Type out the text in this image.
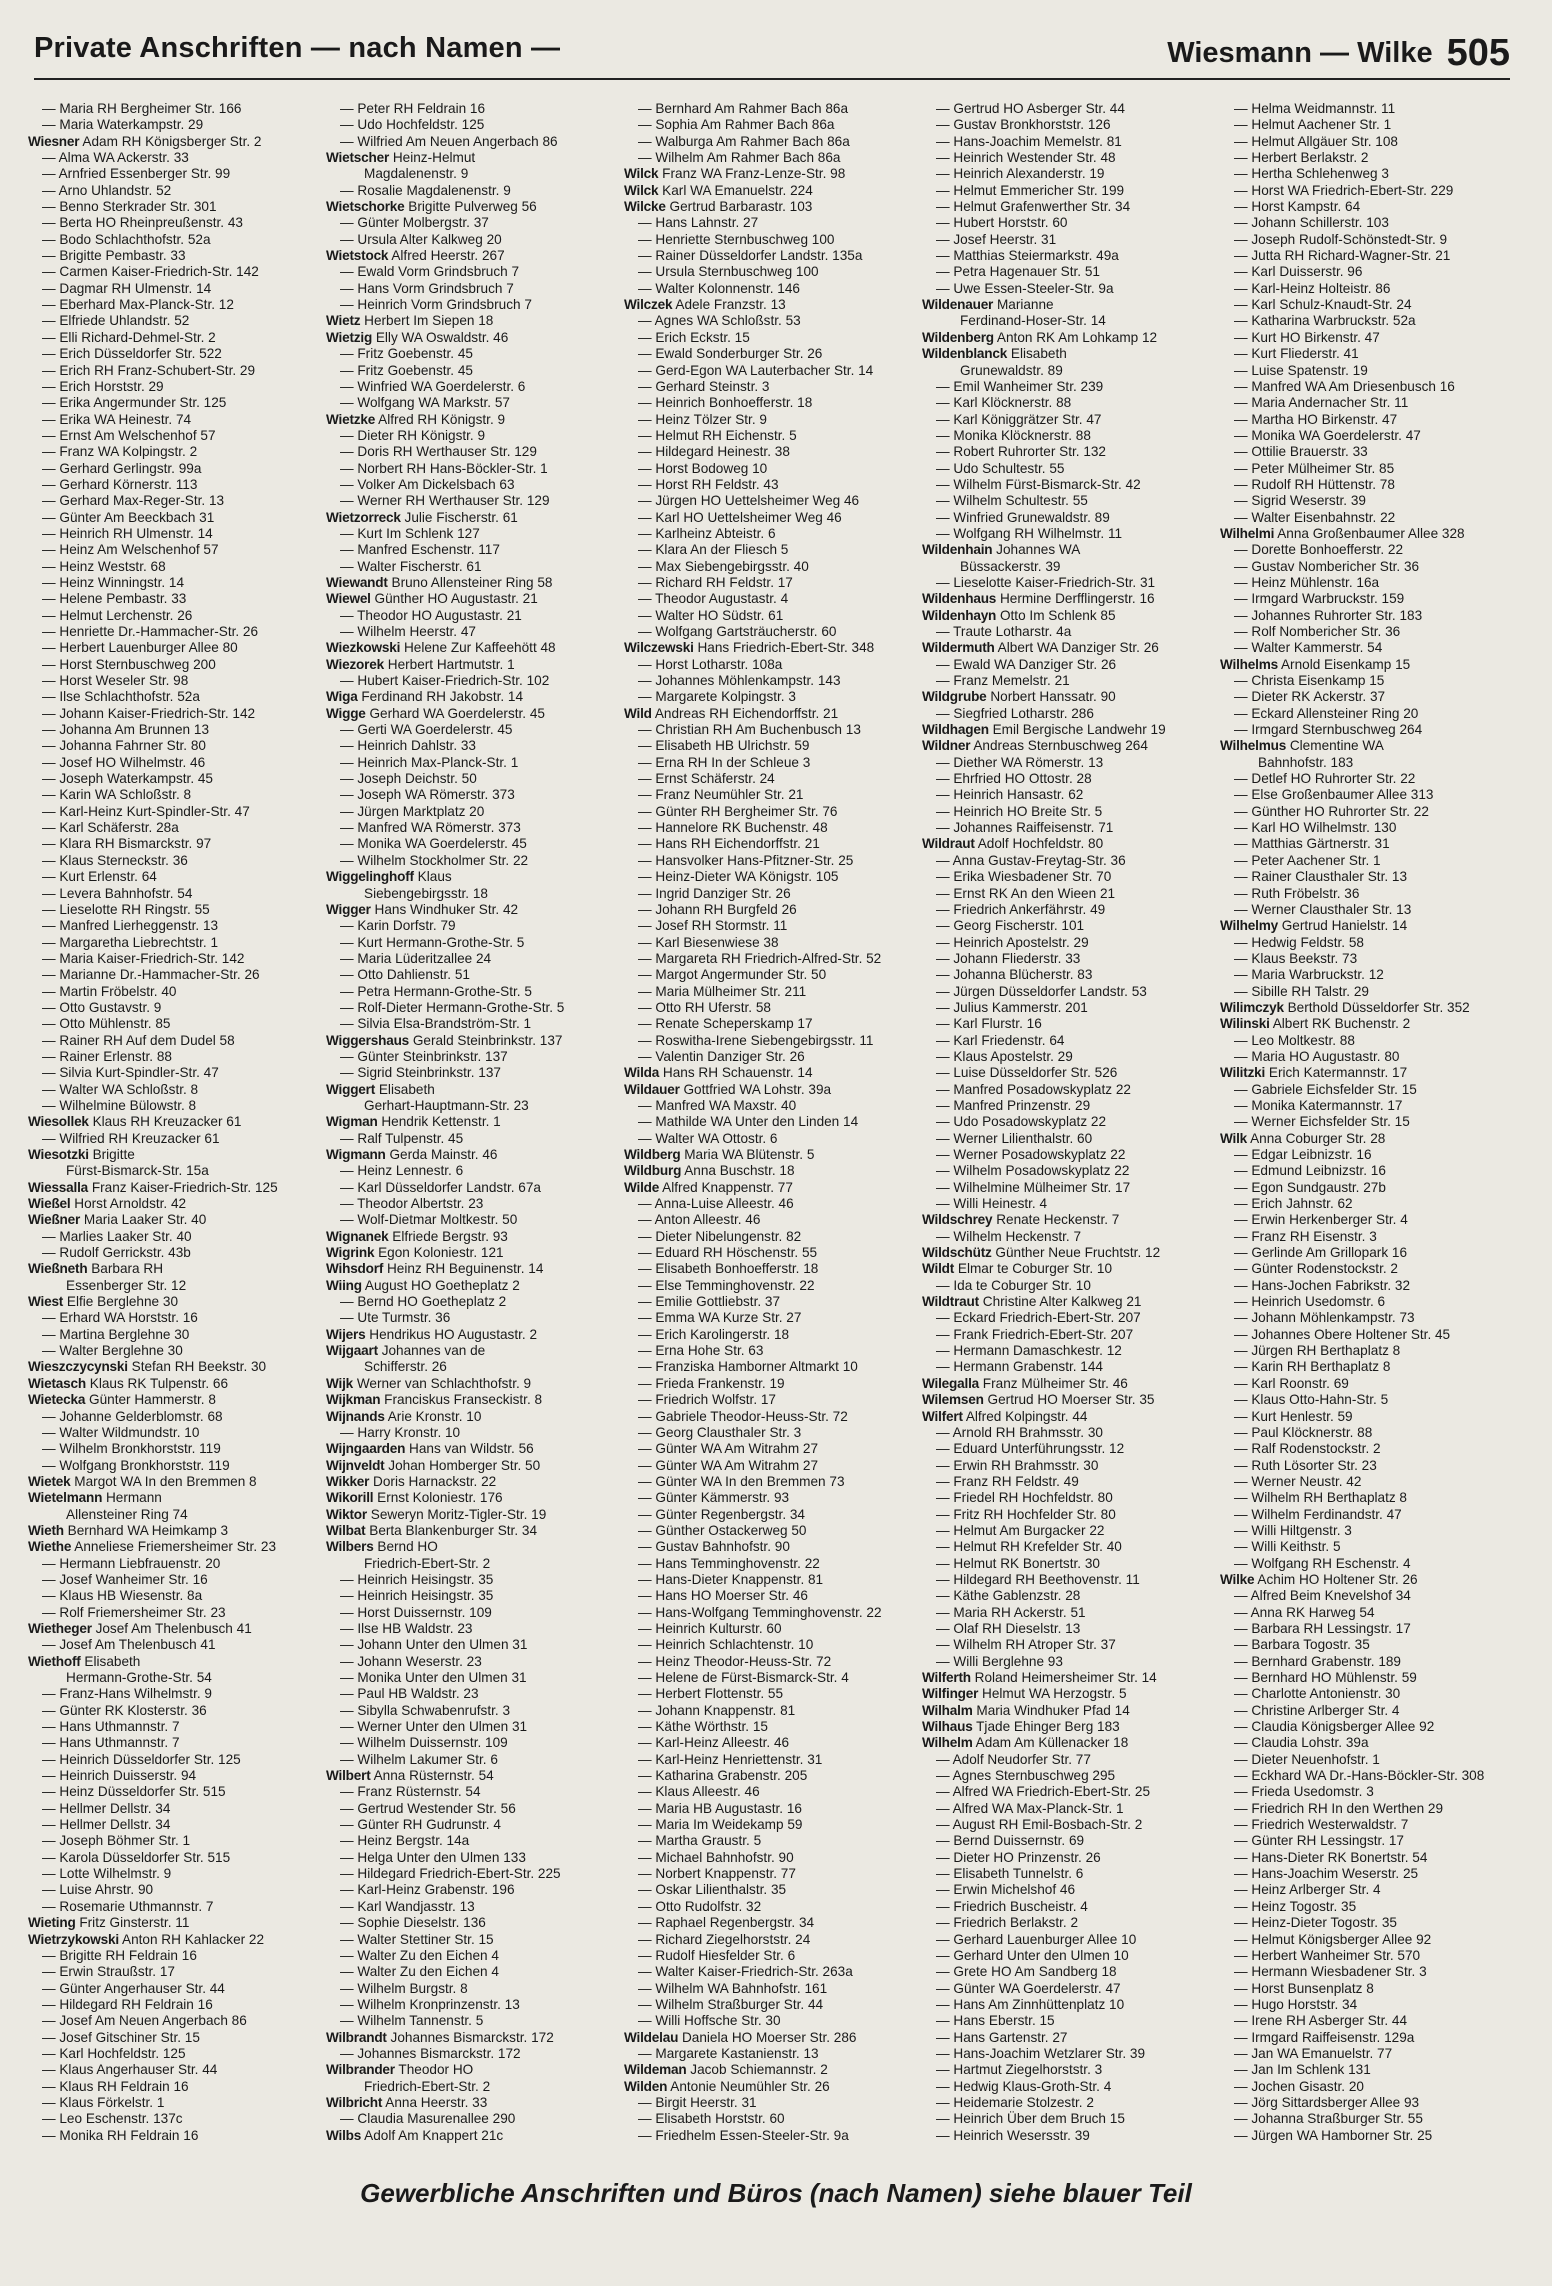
Private Anschriften — nach Namen —	Wiesmann — Wilke 505
— Maria RH Bergheimer Str. 166
— Maria Waterkampstr. 29
Wiesner Adam RH Königsberger Str. 2
— Alma WA Ackerstr. 33
— Arnfried Essenberger Str. 99
— Arno Uhlandstr. 52
— Benno Sterkrader Str. 301
— Berta HO Rheinpreußenstr. 43
— Bodo Schlachthofstr. 52a
— Brigitte Pembastr. 33
— Carmen Kaiser-Friedrich-Str. 142
— Dagmar RH Ulmenstr. 14
— Eberhard Max-Planck-Str. 12
— Elfriede Uhlandstr. 52
— Elli Richard-Dehmel-Str. 2
— Erich Düsseldorfer Str. 522
— Erich RH Franz-Schubert-Str. 29
— Erich Horststr. 29
— Erika Angermunder Str. 125
— Erika WA Heinestr. 74
— Ernst Am Welschenhof 57
— Franz WA Kolpingstr. 2
— Gerhard Gerlingstr. 99a
— Gerhard Körnerstr. 113
— Gerhard Max-Reger-Str. 13
— Günter Am Beeckbach 31
— Heinrich RH Ulmenstr. 14
— Heinz Am Welschenhof 57
— Heinz Weststr. 68
— Heinz Winningstr. 14
— Helene Pembastr. 33
— Helmut Lerchenstr. 26
— Henriette Dr.-Hammacher-Str. 26
— Herbert Lauenburger Allee 80
— Horst Sternbuschweg 200
— Horst Weseler Str. 98
— Ilse Schlachthofstr. 52a
— Johann Kaiser-Friedrich-Str. 142
— Johanna Am Brunnen 13
— Johanna Fahrner Str. 80
— Josef HO Wilhelmstr. 46
— Joseph Waterkampstr. 45
— Karin WA Schloßstr. 8
— Karl-Heinz Kurt-Spindler-Str. 47
— Karl Schäferstr. 28a
— Klara RH Bismarckstr. 97
— Klaus Sterneckstr. 36
— Kurt Erlenstr. 64
— Levera Bahnhofstr. 54
— Lieselotte RH Ringstr. 55
— Manfred Lierheggenstr. 13
— Margaretha Liebrechtstr. 1
— Maria Kaiser-Friedrich-Str. 142
— Marianne Dr.-Hammacher-Str. 26
— Martin Fröbelstr. 40
— Otto Gustavstr. 9
— Otto Mühlenstr. 85
— Rainer RH Auf dem Dudel 58
— Rainer Erlenstr. 88
— Silvia Kurt-Spindler-Str. 47
— Walter WA Schloßstr. 8
— Wilhelmine Bülowstr. 8
Wiesollek Klaus RH Kreuzacker 61
— Wilfried RH Kreuzacker 61
Wiesotzki Brigitte
Fürst-Bismarck-Str. 15a
Wiessalla Franz Kaiser-Friedrich-Str. 125
Wießel Horst Arnoldstr. 42
Wießner Maria Laaker Str. 40
— Marlies Laaker Str. 40
— Rudolf Gerrickstr. 43b
Wießneth Barbara RH
Essenberger Str. 12
Wiest Elfie Berglehne 30
— Erhard WA Horststr. 16
— Martina Berglehne 30
— Walter Berglehne 30
Wieszczycynski Stefan RH Beekstr. 30
Wietasch Klaus RK Tulpenstr. 66
Wietecka Günter Hammerstr. 8
— Johanne Gelderblomstr. 68
— Walter Wildmundstr. 10
— Wilhelm Bronkhorststr. 119
— Wolfgang Bronkhorststr. 119
Wietek Margot WA In den Bremmen 8
Wietelmann Hermann
Allensteiner Ring 74
Wieth Bernhard WA Heimkamp 3
Wiethe Anneliese Friemersheimer Str. 23
— Hermann Liebfrauenstr. 20
— Josef Wanheimer Str. 16
— Klaus HB Wiesenstr. 8a
— Rolf Friemersheimer Str. 23
Wiethеger Josef Am Thelenbusch 41
— Josef Am Thelenbusch 41
Wiethoff Elisabeth
Hermann-Grothe-Str. 54
— Franz-Hans Wilhelmstr. 9
— Günter RK Klosterstr. 36
— Hans Uthmannstr. 7
— Hans Uthmannstr. 7
— Heinrich Düsseldorfer Str. 125
— Heinrich Duisserstr. 94
— Heinz Düsseldorfer Str. 515
— Hellmer Dellstr. 34
— Hellmer Dellstr. 34
— Joseph Böhmer Str. 1
— Karola Düsseldorfer Str. 515
— Lotte Wilhelmstr. 9
— Luise Ahrstr. 90
— Rosemarie Uthmannstr. 7
Wieting Fritz Ginsterstr. 11
Wietrzykowski Anton RH Kahlacker 22
— Brigitte RH Feldrain 16
— Erwin Straußstr. 17
— Günter Angerhauser Str. 44
— Hildegard RH Feldrain 16
— Josef Am Neuen Angerbach 86
— Josef Gitschiner Str. 15
— Karl Hochfeldstr. 125
— Klaus Angerhauser Str. 44
— Klaus RH Feldrain 16
— Klaus Förkelstr. 1
— Leo Eschenstr. 137c
— Monika RH Feldrain 16
— Peter RH Feldrain 16
— Udo Hochfeldstr. 125
— Wilfried Am Neuen Angerbach 86
Wietscher Heinz-Helmut
Magdalenenstr. 9
— Rosalie Magdalenenstr. 9
Wietschorke Brigitte Pulverweg 56
— Günter Molbergstr. 37
— Ursula Alter Kalkweg 20
Wietstock Alfred Heerstr. 267
— Ewald Vorm Grindsbruch 7
— Hans Vorm Grindsbruch 7
— Heinrich Vorm Grindsbruch 7
Wietz Herbert Im Siepen 18
Wietzig Elly WA Oswaldstr. 46
— Fritz Goebenstr. 45
— Fritz Goebenstr. 45
— Winfried WA Goerdelerstr. 6
— Wolfgang WA Markstr. 57
Wietzke Alfred RH Königstr. 9
— Dieter RH Königstr. 9
— Doris RH Werthauser Str. 129
— Norbert RH Hans-Böckler-Str. 1
— Volker Am Dickelsbach 63
— Werner RH Werthauser Str. 129
Wietzorreck Julie Fischerstr. 61
— Kurt Im Schlenk 127
— Manfred Eschenstr. 117
— Walter Fischerstr. 61
Wiewandt Bruno Allensteiner Ring 58
Wiewel Günther HO Augustastr. 21
— Theodor HO Augustastr. 21
— Wilhelm Heerstr. 47
Wiezkowski Helene Zur Kaffeehött 48
Wiezorek Herbert Hartmutstr. 1
— Hubert Kaiser-Friedrich-Str. 102
Wiga Ferdinand RH Jakobstr. 14
Wigge Gerhard WA Goerdelerstr. 45
— Gerti WA Goerdelerstr. 45
— Heinrich Dahlstr. 33
— Heinrich Max-Planck-Str. 1
— Joseph Deichstr. 50
— Joseph WA Römerstr. 373
— Jürgen Marktplatz 20
— Manfred WA Römerstr. 373
— Monika WA Goerdelerstr. 45
— Wilhelm Stockholmer Str. 22
Wiggelinghoff Klaus
Siebengebirgsstr. 18
Wigger Hans Windhuker Str. 42
— Karin Dorfstr. 79
— Kurt Hermann-Grothe-Str. 5
— Maria Lüderitzallee 24
— Otto Dahlienstr. 51
— Petra Hermann-Grothe-Str. 5
— Rolf-Dieter Hermann-Grothe-Str. 5
— Silvia Elsa-Brandström-Str. 1
Wiggershaus Gerald Steinbrinkstr. 137
— Günter Steinbrinkstr. 137
— Sigrid Steinbrinkstr. 137
Wiggert Elisabeth
Gerhart-Hauptmann-Str. 23
Wigman Hendrik Kettenstr. 1
— Ralf Tulpenstr. 45
Wigmann Gerda Mainstr. 46
— Heinz Lennestr. 6
— Karl Düsseldorfer Landstr. 67a
— Theodor Albertstr. 23
— Wolf-Dietmar Moltkestr. 50
Wignanek Elfriede Bergstr. 93
Wigrink Egon Koloniestr. 121
Wihsdorf Heinz RH Beguinenstr. 14
Wiing August HO Goetheplatz 2
— Bernd HO Goetheplatz 2
— Ute Turmstr. 36
Wijers Hendrikus HO Augustastr. 2
Wijgaart Johannes van de
Schifferstr. 26
Wijk Werner van Schlachthofstr. 9
Wijkman Franciskus Franseckistr. 8
Wijnands Arie Kronstr. 10
— Harry Kronstr. 10
Wijngaarden Hans van Wildstr. 56
Wijnveldt Johan Homberger Str. 50
Wikker Doris Harnackstr. 22
Wikorill Ernst Koloniestr. 176
Wiktor Seweryn Moritz-Tigler-Str. 19
Wilbat Berta Blankenburger Str. 34
Wilbers Bernd HO
Friedrich-Ebert-Str. 2
— Heinrich Heisingstr. 35
— Heinrich Heisingstr. 35
— Horst Duissernstr. 109
— Ilse HB Waldstr. 23
— Johann Unter den Ulmen 31
— Johann Weserstr. 23
— Monika Unter den Ulmen 31
— Paul HB Waldstr. 23
— Sibylla Schwabenrufstr. 3
— Werner Unter den Ulmen 31
— Wilhelm Duissernstr. 109
— Wilhelm Lakumer Str. 6
Wilbert Anna Rüsternstr. 54
— Franz Rüsternstr. 54
— Gertrud Westender Str. 56
— Günter RH Gudrunstr. 4
— Heinz Bergstr. 14a
— Helga Unter den Ulmen 133
— Hildegard Friedrich-Ebert-Str. 225
— Karl-Heinz Grabenstr. 196
— Karl Wandjasstr. 13
— Sophie Dieselstr. 136
— Walter Stettiner Str. 15
— Walter Zu den Eichen 4
— Walter Zu den Eichen 4
— Wilhelm Burgstr. 8
— Wilhelm Kronprinzenstr. 13
— Wilhelm Tannenstr. 5
Wilbrandt Johannes Bismarckstr. 172
— Johannes Bismarckstr. 172
Wilbrander Theodor HO
Friedrich-Ebert-Str. 2
Wilbricht Anna Heerstr. 33
— Claudia Masurenallee 290
Wilbs Adolf Am Knappert 21c
— Bernhard Am Rahmer Bach 86a
— Sophia Am Rahmer Bach 86a
— Walburga Am Rahmer Bach 86a
— Wilhelm Am Rahmer Bach 86a
Wilck Franz WA Franz-Lenze-Str. 98
Wilck Karl WA Emanuelstr. 224
Wilcke Gertrud Barbarastr. 103
— Hans Lahnstr. 27
— Henriette Sternbuschweg 100
— Rainer Düsseldorfer Landstr. 135a
— Ursula Sternbuschweg 100
— Walter Kolonnenstr. 146
Wilczek Adele Franzstr. 13
— Agnes WA Schloßstr. 53
— Erich Eckstr. 15
— Ewald Sonderburger Str. 26
— Gerd-Egon WA Lauterbacher Str. 14
— Gerhard Steinstr. 3
— Heinrich Bonhoefferstr. 18
— Heinz Tölzer Str. 9
— Helmut RH Eichenstr. 5
— Hildegard Heinestr. 38
— Horst Bodoweg 10
— Horst RH Feldstr. 43
— Jürgen HO Uettelsheimer Weg 46
— Karl HO Uettelsheimer Weg 46
— Karlheinz Abteistr. 6
— Klara An der Fliesch 5
— Max Siebengebirgsstr. 40
— Richard RH Feldstr. 17
— Theodor Augustastr. 4
— Walter HO Südstr. 61
— Wolfgang Gartsträucherstr. 60
Wilczewski Hans Friedrich-Ebert-Str. 348
— Horst Lotharstr. 108a
— Johannes Möhlenkampstr. 143
— Margarete Kolpingstr. 3
Wild Andreas RH Eichendorffstr. 21
— Christian RH Am Buchenbusch 13
— Elisabeth HB Ulrichstr. 59
— Erna RH In der Schleue 3
— Ernst Schäferstr. 24
— Franz Neumühler Str. 21
— Günter RH Bergheimer Str. 76
— Hannelore RK Buchenstr. 48
— Hans RH Eichendorffstr. 21
— Hansvolker Hans-Pfitzner-Str. 25
— Heinz-Dieter WA Königstr. 105
— Ingrid Danziger Str. 26
— Johann RH Burgfeld 26
— Josef RH Stormstr. 11
— Karl Biesenwiese 38
— Margareta RH Friedrich-Alfred-Str. 52
— Margot Angermunder Str. 50
— Maria Mülheimer Str. 211
— Otto RH Uferstr. 58
— Renate Scheperskamp 17
— Roswitha-Irene Siebengebirgsstr. 11
— Valentin Danziger Str. 26
Wilda Hans RH Schauenstr. 14
Wildauer Gottfried WA Lohstr. 39a
— Manfred WA Maxstr. 40
— Mathilde WA Unter den Linden 14
— Walter WA Ottostr. 6
Wildberg Maria WA Blütenstr. 5
Wildburg Anna Buschstr. 18
Wilde Alfred Knappenstr. 77
— Anna-Luise Alleestr. 46
— Anton Alleestr. 46
— Dieter Nibelungenstr. 82
— Eduard RH Höschenstr. 55
— Elisabeth Bonhoefferstr. 18
— Else Temminghovenstr. 22
— Emilie Gottliebstr. 37
— Emma WA Kurze Str. 27
— Erich Karolingerstr. 18
— Erna Hohe Str. 63
— Franziska Hamborner Altmarkt 10
— Frieda Frankenstr. 19
— Friedrich Wolfstr. 17
— Gabriele Theodor-Heuss-Str. 72
— Georg Clausthaler Str. 3
— Günter WA Am Witrahm 27
— Günter WA Am Witrahm 27
— Günter WA In den Bremmen 73
— Günter Kämmerstr. 93
— Günter Regenbergstr. 34
— Günther Ostackerweg 50
— Gustav Bahnhofstr. 90
— Hans Temminghovenstr. 22
— Hans-Dieter Knappenstr. 81
— Hans HO Moerser Str. 46
— Hans-Wolfgang Temminghovenstr. 22
— Heinrich Kulturstr. 60
— Heinrich Schlachtenstr. 10
— Heinz Theodor-Heuss-Str. 72
— Helene de Fürst-Bismarck-Str. 4
— Herbert Flottenstr. 55
— Johann Knappenstr. 81
— Käthe Wörthstr. 15
— Karl-Heinz Alleestr. 46
— Karl-Heinz Henriettenstr. 31
— Katharina Grabenstr. 205
— Klaus Alleestr. 46
— Maria HB Augustastr. 16
— Maria Im Weidekamp 59
— Martha Graustr. 5
— Michael Bahnhofstr. 90
— Norbert Knappenstr. 77
— Oskar Lilienthalstr. 35
— Otto Rudolfstr. 32
— Raphael Regenbergstr. 34
— Richard Ziegelhorststr. 24
— Rudolf Hiesfelder Str. 6
— Walter Kaiser-Friedrich-Str. 263a
— Wilhelm WA Bahnhofstr. 161
— Wilhelm Straßburger Str. 44
— Willi Hoffsche Str. 30
Wildelau Daniela HO Moerser Str. 286
— Margarete Kastanienstr. 13
Wildeman Jacob Schiemannstr. 2
Wilden Antonie Neumühler Str. 26
— Birgit Heerstr. 31
— Elisabeth Horststr. 60
— Friedhelm Essen-Steeler-Str. 9a
— Gertrud HO Asberger Str. 44
— Gustav Bronkhorststr. 126
— Hans-Joachim Memelstr. 81
— Heinrich Westender Str. 48
— Heinrich Alexanderstr. 19
— Helmut Emmericher Str. 199
— Helmut Grafenwerther Str. 34
— Hubert Horststr. 60
— Josef Heerstr. 31
— Matthias Steiermarkstr. 49a
— Petra Hagenauer Str. 51
— Uwe Essen-Steeler-Str. 9a
Wildenauer Marianne
Ferdinand-Hoser-Str. 14
Wildenberg Anton RK Am Lohkamp 12
Wildenblanck Elisabeth
Grunewaldstr. 89
— Emil Wanheimer Str. 239
— Karl Klöcknerstr. 88
— Karl Königgrätzer Str. 47
— Monika Klöcknerstr. 88
— Robert Ruhrorter Str. 132
— Udo Schultestr. 55
— Wilhelm Fürst-Bismarck-Str. 42
— Wilhelm Schultestr. 55
— Winfried Grunewaldstr. 89
— Wolfgang RH Wilhelmstr. 11
Wildenhain Johannes WA
Büssackerstr. 39
— Lieselotte Kaiser-Friedrich-Str. 31
Wildenhaus Hermine Derfflingerstr. 16
Wildenhayn Otto Im Schlenk 85
— Traute Lotharstr. 4a
Wildermuth Albert WA Danziger Str. 26
— Ewald WA Danziger Str. 26
— Franz Memelstr. 21
Wildgrube Norbert Hanssatr. 90
— Siegfried Lotharstr. 286
Wildhagen Emil Bergische Landwehr 19
Wildner Andreas Sternbuschweg 264
— Diether WA Römerstr. 13
— Ehrfried HO Ottostr. 28
— Heinrich Hansastr. 62
— Heinrich HO Breite Str. 5
— Johannes Raiffeisenstr. 71
Wildraut Adolf Hochfeldstr. 80
— Anna Gustav-Freytag-Str. 36
— Erika Wiesbadener Str. 70
— Ernst RK An den Wieen 21
— Friedrich Ankerfährstr. 49
— Georg Fischerstr. 101
— Heinrich Apostelstr. 29
— Johann Fliederstr. 33
— Johanna Blücherstr. 83
— Jürgen Düsseldorfer Landstr. 53
— Julius Kammerstr. 201
— Karl Flurstr. 16
— Karl Friedenstr. 64
— Klaus Apostelstr. 29
— Luise Düsseldorfer Str. 526
— Manfred Posadowskyplatz 22
— Manfred Prinzenstr. 29
— Udo Posadowskyplatz 22
— Werner Lilienthalstr. 60
— Werner Posadowskyplatz 22
— Wilhelm Posadowskyplatz 22
— Wilhelmine Mülheimer Str. 17
— Willi Heinestr. 4
Wildschrey Renate Heckenstr. 7
— Wilhelm Heckenstr. 7
Wildschütz Günther Neue Fruchtstr. 12
Wildt Elmar te Coburger Str. 10
— Ida te Coburger Str. 10
Wildtraut Christine Alter Kalkweg 21
— Eckard Friedrich-Ebert-Str. 207
— Frank Friedrich-Ebert-Str. 207
— Hermann Damaschkestr. 12
— Hermann Grabenstr. 144
Wilegalla Franz Mülheimer Str. 46
Wilemsen Gertrud HO Moerser Str. 35
Wilfert Alfred Kolpingstr. 44
— Arnold RH Brahmsstr. 30
— Eduard Unterführungsstr. 12
— Erwin RH Brahmsstr. 30
— Franz RH Feldstr. 49
— Friedel RH Hochfeldstr. 80
— Fritz RH Hochfelder Str. 80
— Helmut Am Burgacker 22
— Helmut RH Krefelder Str. 40
— Helmut RK Bonertstr. 30
— Hildegard RH Beethovenstr. 11
— Käthe Gablenzstr. 28
— Maria RH Ackerstr. 51
— Olaf RH Dieselstr. 13
— Wilhelm RH Atroper Str. 37
— Willi Berglehne 93
Wilferth Roland Heimersheimer Str. 14
Wilfinger Helmut WA Herzogstr. 5
Wilhalm Maria Windhuker Pfad 14
Wilhaus Tjade Ehinger Berg 183
Wilhelm Adam Am Küllenacker 18
— Adolf Neudorfer Str. 77
— Agnes Sternbuschweg 295
— Alfred WA Friedrich-Ebert-Str. 25
— Alfred WA Max-Planck-Str. 1
— August RH Emil-Bosbach-Str. 2
— Bernd Duissernstr. 69
— Dieter HO Prinzenstr. 26
— Elisabeth Tunnelstr. 6
— Erwin Michelshof 46
— Friedrich Buscheistr. 4
— Friedrich Berlakstr. 2
— Gerhard Lauenburger Allee 10
— Gerhard Unter den Ulmen 10
— Grete HO Am Sandberg 18
— Günter WA Goerdelerstr. 47
— Hans Am Zinnhüttenplatz 10
— Hans Eberstr. 15
— Hans Gartenstr. 27
— Hans-Joachim Wetzlarer Str. 39
— Hartmut Ziegelhorststr. 3
— Hedwig Klaus-Groth-Str. 4
— Heidemarie Stolzestr. 2
— Heinrich Über dem Bruch 15
— Heinrich Wesersstr. 39
— Helma Weidmannstr. 11
— Helmut Aachener Str. 1
— Helmut Allgäuer Str. 108
— Herbert Berlakstr. 2
— Hertha Schlehenweg 3
— Horst WA Friedrich-Ebert-Str. 229
— Horst Kampstr. 64
— Johann Schillerstr. 103
— Joseph Rudolf-Schönstedt-Str. 9
— Jutta RH Richard-Wagner-Str. 21
— Karl Duisserstr. 96
— Karl-Heinz Holteistr. 86
— Karl Schulz-Knaudt-Str. 24
— Katharina Warbruckstr. 52a
— Kurt HO Birkenstr. 47
— Kurt Fliederstr. 41
— Luise Spatenstr. 19
— Manfred WA Am Driesenbusch 16
— Maria Andernacher Str. 11
— Martha HO Birkenstr. 47
— Monika WA Goerdelerstr. 47
— Ottilie Brauerstr. 33
— Peter Mülheimer Str. 85
— Rudolf RH Hüttenstr. 78
— Sigrid Weserstr. 39
— Walter Eisenbahnstr. 22
Wilhelmi Anna Großenbaumer Allee 328
— Dorette Bonhoefferstr. 22
— Gustav Nombericher Str. 36
— Heinz Mühlenstr. 16a
— Irmgard Warbruckstr. 159
— Johannes Ruhrorter Str. 183
— Rolf Nombericher Str. 36
— Walter Kammerstr. 54
Wilhelms Arnold Eisenkamp 15
— Christa Eisenkamp 15
— Dieter RK Ackerstr. 37
— Eckard Allensteiner Ring 20
— Irmgard Sternbuschweg 264
Wilhelmus Clementine WA
Bahnhofstr. 183
— Detlef HO Ruhrorter Str. 22
— Else Großenbaumer Allee 313
— Günther HO Ruhrorter Str. 22
— Karl HO Wilhelmstr. 130
— Matthias Gärtnerstr. 31
— Peter Aachener Str. 1
— Rainer Clausthaler Str. 13
— Ruth Fröbelstr. 36
— Werner Clausthaler Str. 13
Wilhelmy Gertrud Hanielstr. 14
— Hedwig Feldstr. 58
— Klaus Beekstr. 73
— Maria Warbruckstr. 12
— Sibille RH Talstr. 29
Wilimczyk Berthold Düsseldorfer Str. 352
Wilinski Albert RK Buchenstr. 2
— Leo Moltkestr. 88
— Maria HO Augustastr. 80
Wilitzki Erich Katermannstr. 17
— Gabriele Eichsfelder Str. 15
— Monika Katermannstr. 17
— Werner Eichsfelder Str. 15
Wilk Anna Coburger Str. 28
— Edgar Leibnizstr. 16
— Edmund Leibnizstr. 16
— Egon Sundgaustr. 27b
— Erich Jahnstr. 62
— Erwin Herkenberger Str. 4
— Franz RH Eisenstr. 3
— Gerlinde Am Grillopark 16
— Günter Rodenstockstr. 2
— Hans-Jochen Fabrikstr. 32
— Heinrich Usedomstr. 6
— Johann Möhlenkampstr. 73
— Johannes Obere Holtener Str. 45
— Jürgen RH Berthaplatz 8
— Karin RH Berthaplatz 8
— Karl Roonstr. 69
— Klaus Otto-Hahn-Str. 5
— Kurt Henlestr. 59
— Paul Klöcknerstr. 88
— Ralf Rodenstockstr. 2
— Ruth Lösorter Str. 23
— Werner Neustr. 42
— Wilhelm RH Berthaplatz 8
— Wilhelm Ferdinandstr. 47
— Willi Hiltgenstr. 3
— Willi Keithstr. 5
— Wolfgang RH Eschenstr. 4
Wilke Achim HO Holtener Str. 26
— Alfred Beim Knevelshof 34
— Anna RK Harweg 54
— Barbara RH Lessingstr. 17
— Barbara Togostr. 35
— Bernhard Grabenstr. 189
— Bernhard HO Mühlenstr. 59
— Charlotte Antonienstr. 30
— Christine Arlberger Str. 4
— Claudia Königsberger Allee 92
— Claudia Lohstr. 39a
— Dieter Neuenhofstr. 1
— Eckhard WA Dr.-Hans-Böckler-Str. 308
— Frieda Usedomstr. 3
— Friedrich RH In den Werthen 29
— Friedrich Westerwaldstr. 7
— Günter RH Lessingstr. 17
— Hans-Dieter RK Bonertstr. 54
— Hans-Joachim Weserstr. 25
— Heinz Arlberger Str. 4
— Heinz Togostr. 35
— Heinz-Dieter Togostr. 35
— Helmut Königsberger Allee 92
— Herbert Wanheimer Str. 570
— Hermann Wiesbadener Str. 3
— Horst Bunsenplatz 8
— Hugo Horststr. 34
— Irene RH Asberger Str. 44
— Irmgard Raiffeisenstr. 129a
— Jan WA Emanuelstr. 77
— Jan Im Schlenk 131
— Jochen Gisastr. 20
— Jörg Sittardsberger Allee 93
— Johanna Straßburger Str. 55
— Jürgen WA Hamborner Str. 25
Gewerbliche Anschriften und Büros (nach Namen) siehe blauer Teil
